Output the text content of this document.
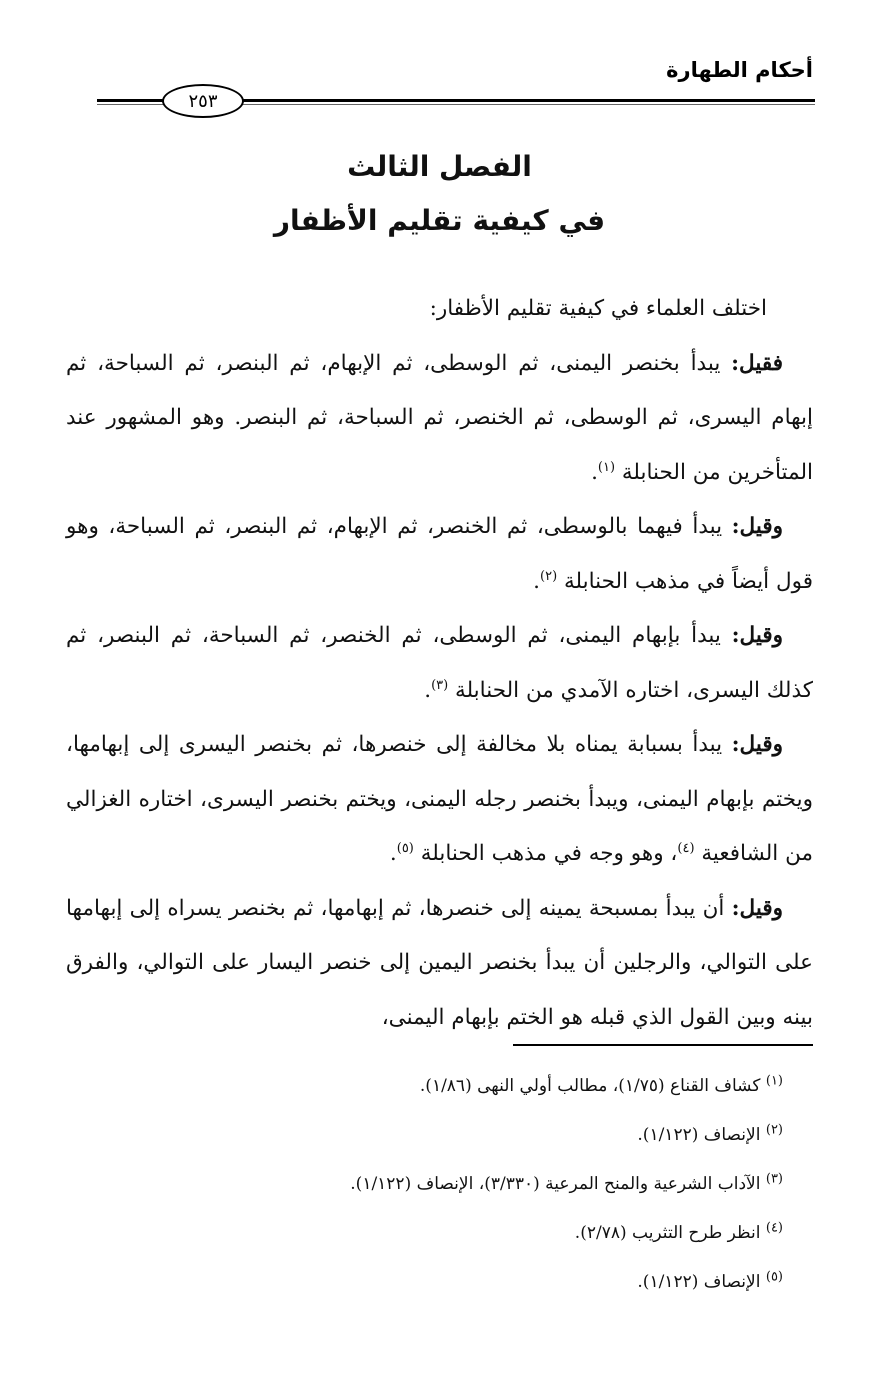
أحكام الطهارة
٢٥٣
الفصل الثالث
في كيفية تقليم الأظفار

اختلف العلماء في كيفية تقليم الأظفار:

فقيل: يبدأ بخنصر اليمنى، ثم الوسطى، ثم الإبهام، ثم البنصر، ثم السباحة، ثم إبهام اليسرى، ثم الوسطى، ثم الخنصر، ثم السباحة، ثم البنصر. وهو المشهور عند المتأخرين من الحنابلة $^{(١)}$.

وقيل: يبدأ فيهما بالوسطى، ثم الخنصر، ثم الإبهام، ثم البنصر، ثم السباحة، وهو قول أيضاً في مذهب الحنابلة $^{(٢)}$.

وقيل: يبدأ بإبهام اليمنى، ثم الوسطى، ثم الخنصر، ثم السباحة، ثم البنصر، ثم كذلك اليسرى، اختاره الآمدي من الحنابلة $^{(٣)}$.

وقيل: يبدأ بسبابة يمناه بلا مخالفة إلى خنصرها، ثم بخنصر اليسرى إلى إبهامها، ويختم بإبهام اليمنى، ويبدأ بخنصر رجله اليمنى، ويختم بخنصر اليسرى، اختاره الغزالي من الشافعية $^{(٤)}$، وهو وجه في مذهب الحنابلة $^{(٥)}$.

وقيل: أن يبدأ بمسبحة يمينه إلى خنصرها، ثم إبهامها، ثم بخنصر يسراه إلى إبهامها على التوالي، والرجلين أن يبدأ بخنصر اليمين إلى خنصر اليسار على التوالي، والفرق بينه وبين القول الذي قبله هو الختم بإبهام اليمنى،

$^{(١)}$ كشاف القناع (١/٧٥)، مطالب أولي النهى (١/٨٦).
$^{(٢)}$ الإنصاف (١/١٢٢).
$^{(٣)}$ الآداب الشرعية والمنح المرعية (٣/٣٣٠)، الإنصاف (١/١٢٢).
$^{(٤)}$ انظر طرح التثريب (٢/٧٨).
$^{(٥)}$ الإنصاف (١/١٢٢).
